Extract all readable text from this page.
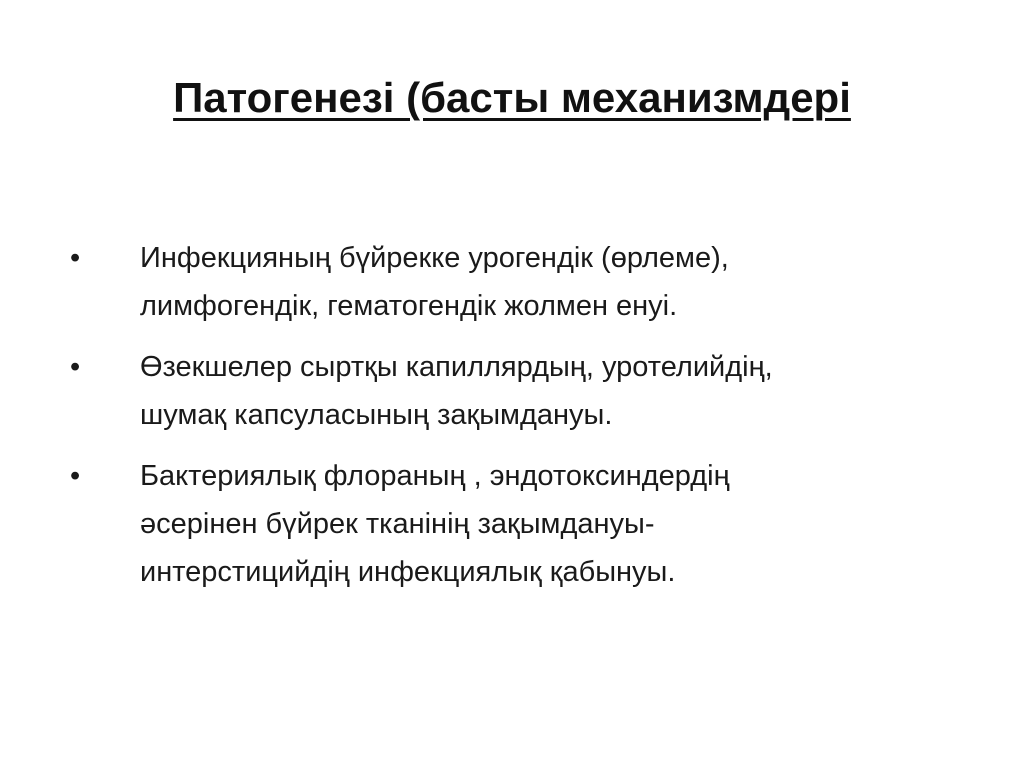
Патогенезі (басты механизмдері
• Инфекцияның бүйрекке урогендік (өрлеме),
лимфогендік, гематогендік жолмен енуі.
• Өзекшелер сыртқы капиллярдың, уротелийдің,
шумақ капсуласының зақымдануы.
• Бактериялық флораның , эндотоксиндердің
әсерінен бүйрек тканінің зақымдануы-
интерстицийдің инфекциялық қабынуы.
